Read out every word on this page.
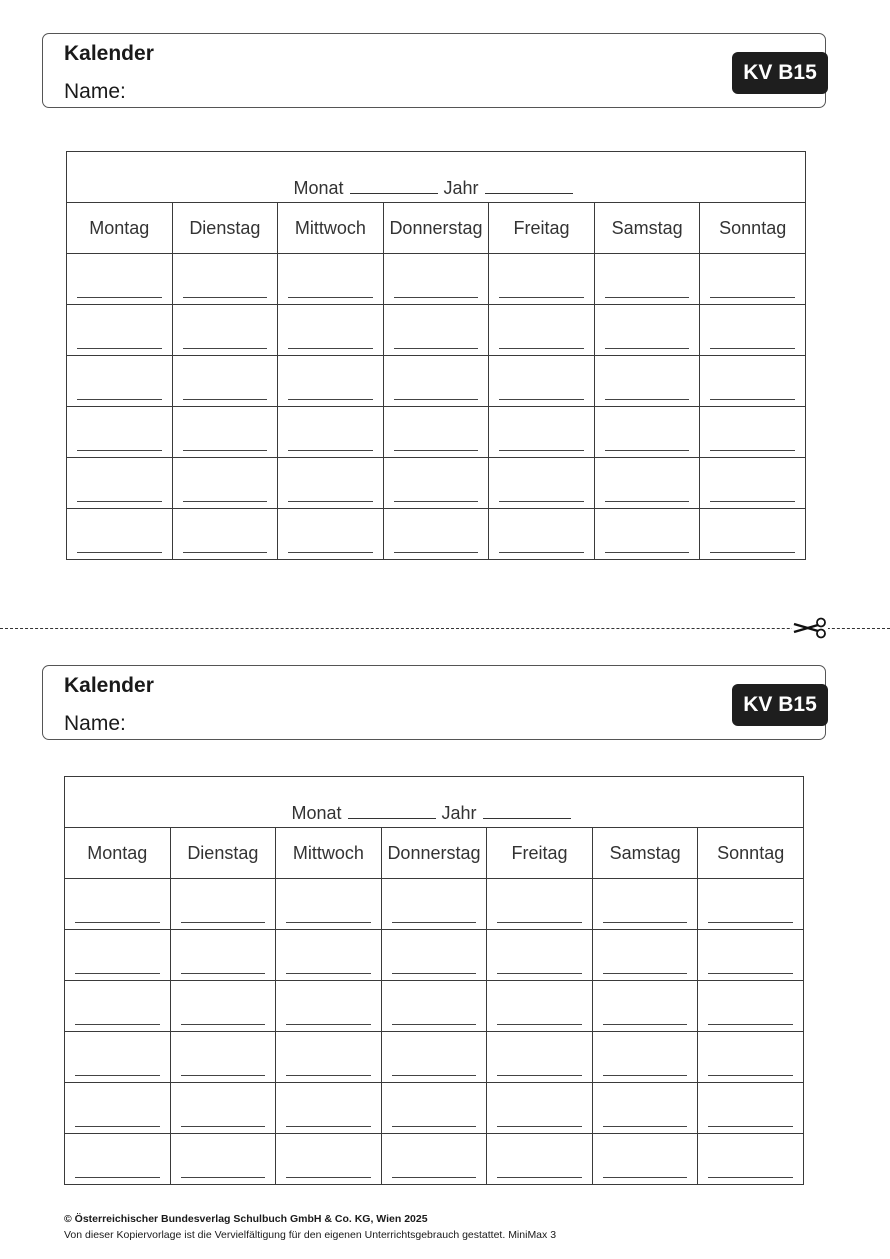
Kalender
Name:
KV B15
Monat Jahr						
Montag	Dienstag	Mittwoch	Donnerstag	Freitag	Samstag	Sonntag

Kalender
Name:
KV B15
Monat Jahr						
Montag	Dienstag	Mittwoch	Donnerstag	Freitag	Samstag	Sonntag

© Österreichischer Bundesverlag Schulbuch GmbH & Co. KG, Wien 2025
Von dieser Kopiervorlage ist die Vervielfältigung für den eigenen Unterrichtsgebrauch gestattet. MiniMax 3
